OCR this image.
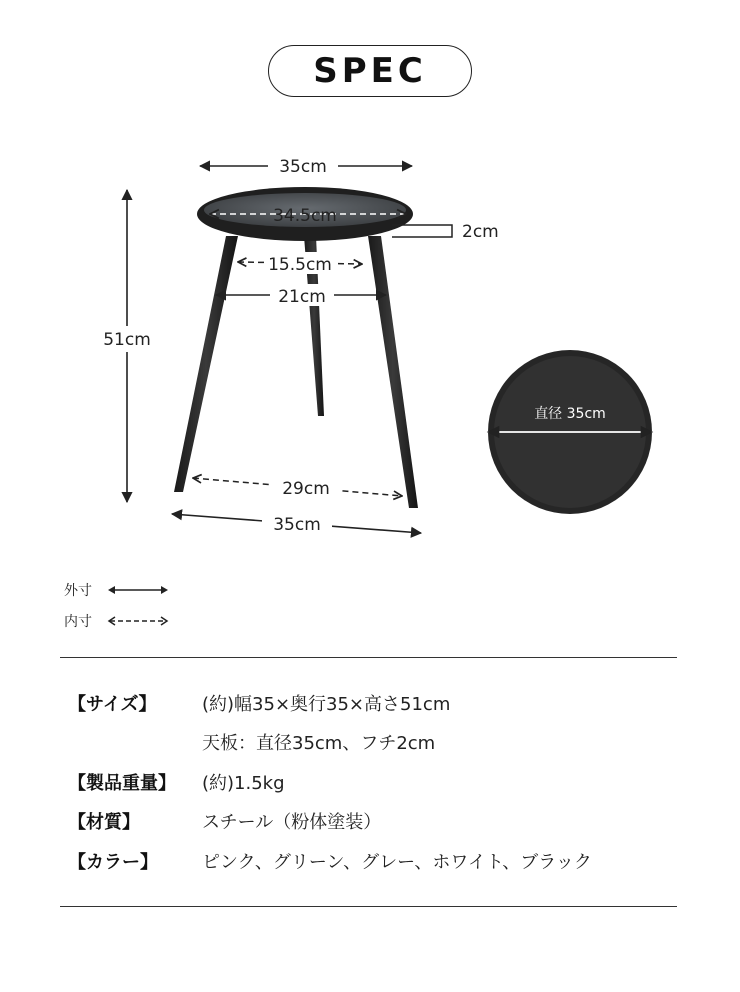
SPEC
35cm
34.5cm
2cm
15.5cm
21cm
51cm
29cm
35cm
直径 35cm
外寸
内寸
【サイズ】	(約)幅35×奥行35×高さ51cm
天板：直径35cm、フチ2cm
【製品重量】	(約)1.5kg
【材質】	スチール（粉体塗装）
【カラー】	ピンク、グリーン、グレー、ホワイト、ブラック
